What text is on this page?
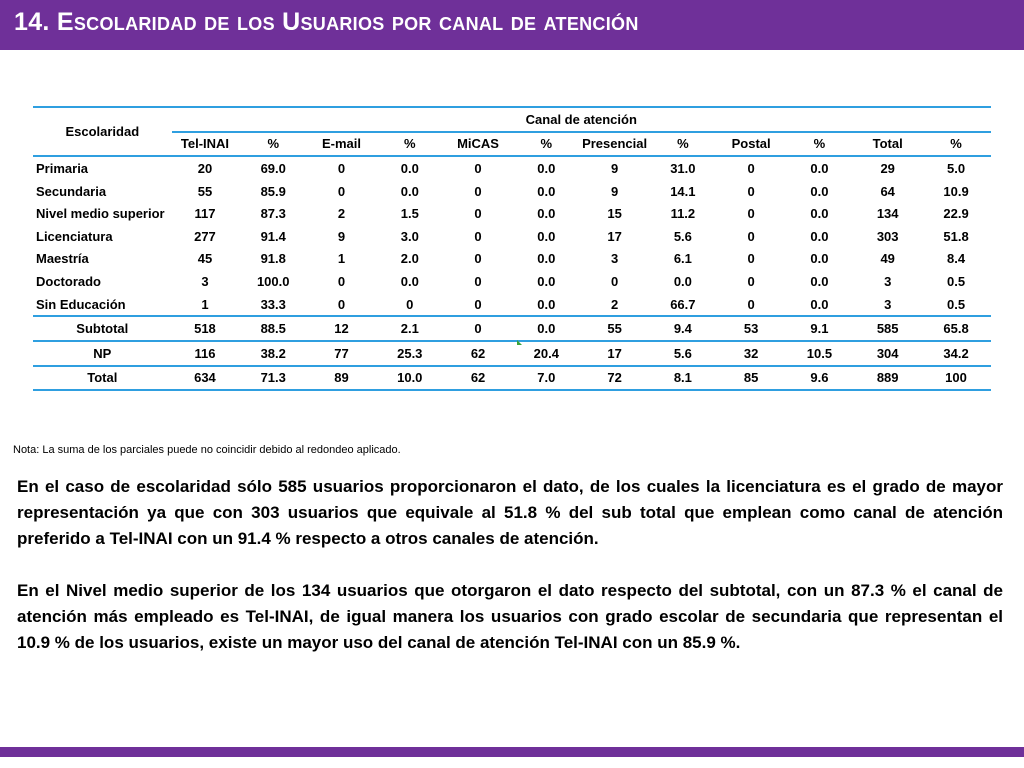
14. Escolaridad de los Usuarios por canal de atención
Escolaridad	Canal de atención											
	Tel-INAI	%	E-mail	%	MiCAS	%	Presencial	%	Postal	%	Total	%
Primaria	20	69.0	0	0.0	0	0.0	9	31.0	0	0.0	29	5.0
Secundaria	55	85.9	0	0.0	0	0.0	9	14.1	0	0.0	64	10.9
Nivel medio superior	117	87.3	2	1.5	0	0.0	15	11.2	0	0.0	134	22.9
Licenciatura	277	91.4	9	3.0	0	0.0	17	5.6	0	0.0	303	51.8
Maestría	45	91.8	1	2.0	0	0.0	3	6.1	0	0.0	49	8.4
Doctorado	3	100.0	0	0.0	0	0.0	0	0.0	0	0.0	3	0.5
Sin Educación	1	33.3	0	0	0	0.0	2	66.7	0	0.0	3	0.5
Subtotal	518	88.5	12	2.1	0	0.0	55	9.4	53	9.1	585	65.8
NP	116	38.2	77	25.3	62	20.4	17	5.6	32	10.5	304	34.2
Total	634	71.3	89	10.0	62	7.0	72	8.1	85	9.6	889	100
Nota: La suma de los parciales puede no coincidir debido al redondeo aplicado.

En el caso de escolaridad sólo 585 usuarios proporcionaron el dato, de los cuales la licenciatura es el grado de mayor representación ya que con 303 usuarios que equivale al 51.8 % del sub total que emplean como canal de atención preferido a Tel-INAI con un 91.4 % respecto a otros canales de atención.

En el Nivel medio superior de los 134 usuarios que otorgaron el dato respecto del subtotal, con un 87.3 % el canal de atención más empleado es Tel-INAI, de igual manera los usuarios con grado escolar de secundaria que representan el 10.9 % de los usuarios, existe un mayor uso del canal de atención Tel-INAI con un 85.9 %.
